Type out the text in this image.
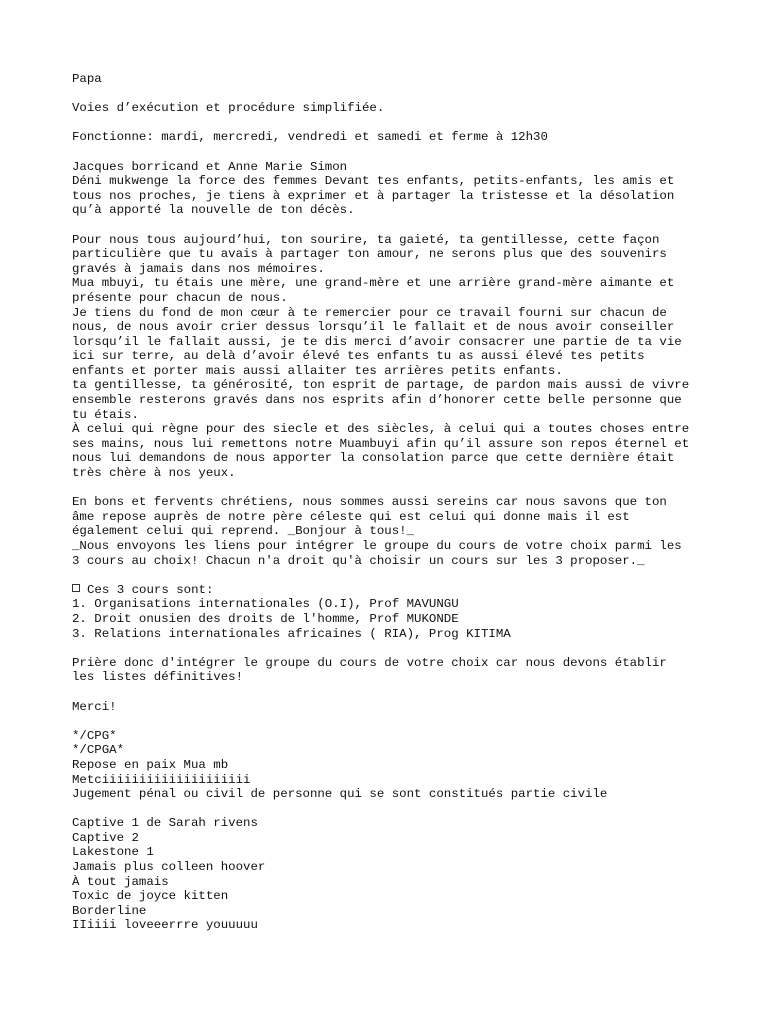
Papa
Voies d’exécution et procédure simplifiée.
Fonctionne: mardi, mercredi, vendredi et samedi et ferme à 12h30
Jacques borricand et Anne Marie Simon
Déni mukwenge la force des femmes Devant tes enfants, petits-enfants, les amis et
tous nos proches, je tiens à exprimer et à partager la tristesse et la désolation
qu’à apporté la nouvelle de ton décès.
Pour nous tous aujourd’hui, ton sourire, ta gaieté, ta gentillesse, cette façon
particulière que tu avais à partager ton amour, ne serons plus que des souvenirs
gravés à jamais dans nos mémoires.
Mua mbuyi, tu étais une mère, une grand-mère et une arrière grand-mère aimante et
présente pour chacun de nous.
Je tiens du fond de mon cœur à te remercier pour ce travail fourni sur chacun de
nous, de nous avoir crier dessus lorsqu’il le fallait et de nous avoir conseiller
lorsqu’il le fallait aussi, je te dis merci d’avoir consacrer une partie de ta vie
ici sur terre, au delà d’avoir élevé tes enfants tu as aussi élevé tes petits
enfants et porter mais aussi allaiter tes arrières petits enfants.
ta gentillesse, ta générosité, ton esprit de partage, de pardon mais aussi de vivre
ensemble resterons gravés dans nos esprits afin d’honorer cette belle personne que
tu étais.
À celui qui règne pour des siecle et des siècles, à celui qui a toutes choses entre
ses mains, nous lui remettons notre Muambuyi afin qu’il assure son repos éternel et
nous lui demandons de nous apporter la consolation parce que cette dernière était
très chère à nos yeux.
En bons et fervents chrétiens, nous sommes aussi sereins car nous savons que ton
âme repose auprès de notre père céleste qui est celui qui donne mais il est
également celui qui reprend. _Bonjour à tous!_
_Nous envoyons les liens pour intégrer le groupe du cours de votre choix parmi les
3 cours au choix! Chacun n'a droit qu'à choisir un cours sur les 3 proposer._
Ces 3 cours sont:
1. Organisations internationales (O.I), Prof MAVUNGU
2. Droit onusien des droits de l'homme, Prof MUKONDE
3. Relations internationales africaines ( RIA), Prog KITIMA
Prière donc d'intégrer le groupe du cours de votre choix car nous devons établir
les listes définitives!
Merci!
*/CPG*
*/CPGA*
Repose en paix Mua mb
Metciiiiiiiiiiiiiiiiiiii
Jugement pénal ou civil de personne qui se sont constitués partie civile
Captive 1 de Sarah rivens
Captive 2
Lakestone 1
Jamais plus colleen hoover
À tout jamais
Toxic de joyce kitten
Borderline
IIiiii loveeerrre youuuuu
